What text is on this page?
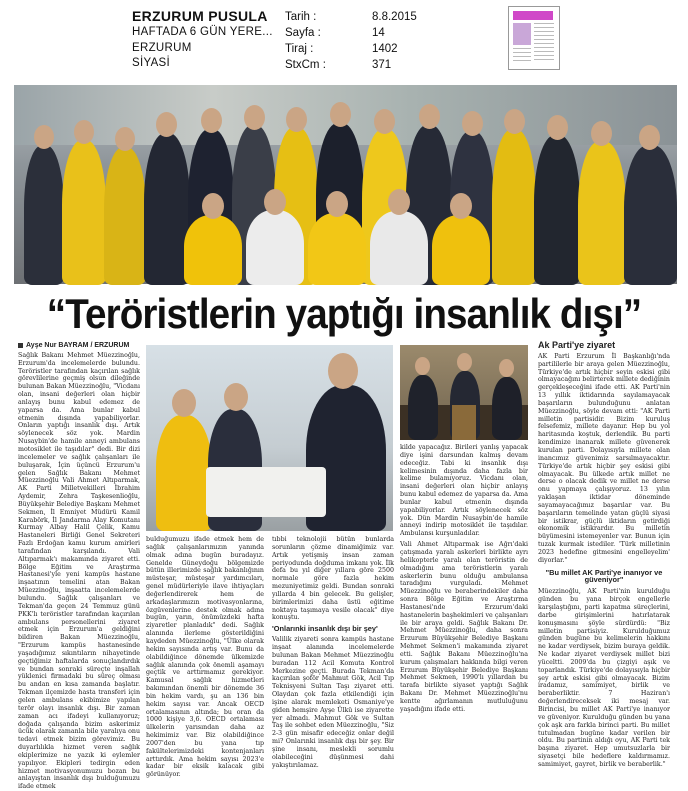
ERZURUM PUSULA
HAFTADA 6 GÜN YERE...
ERZURUM
SİYASİ
Tarih :	8.8.2015
Sayfa :	14
Tiraj :	1402
StxCm :	371
“Teröristlerin yaptığı insanlık dışı”
Ayşe Nur BAYRAM / ERZURUM

Sağlık Bakanı Mehmet Müezzinoğlu, Erzurum'da incelemelerde bulundu. Teröristler tarafından kaçırılan sağlık görevlilerine geçmiş olsun dileğinde bulunan Bakan Müezzinoğlu, "Vicdanı olan, insani değerleri olan hiçbir anlayış bunu kabul edemez de yaparsa da. Ama bunlar kabul etmenin dışında yapabiliyorlar. Onların yaptığı insanlık dışı. Artık söylenecek söz yok. Mardin Nusaybin'de hamile anneyi ambulans motosiklet ile taşıdılar" dedi. Bir dizi incelemeler ve sağlık çalışanları ile buluşarak, İçin üçüncü Erzurum'u gelen Sağlık Bakanı Mehmet Müezzinoğlu Vali Ahmet Altıparmak, AK Parti Milletvekilleri İbrahim Aydemir, Zehra Taşkesenlioğlu, Büyükşehir Belediye Başkanı Mehmet Sekmen, İl Emniyet Müdürü Kamil Karabörk, İl Jandarma Alay Komutanı Kurmay Albay Halil Çelik, Kamu Hastaneleri Birliği Genel Sekreteri Fazlı Erdoğan kamu kurum amirleri tarafından karşılandı. Vali Altıparmak'ı makamında ziyaret etti. Bölge Eğitim ve Araştırma Hastanesi'yle yeni kampüs hastane inşaatının temelini atan Bakan Müezzinoğlu, inşaatta incelemelerde bulundu. Sağlık çalışanları ve Tekman'da geçen 24 Temmuz günü PKK'lı teröristler tarafından kaçırılan ambulans personellerini ziyaret etmek için Erzurum'a geldiğini bildiren Bakan Müezzinoğlu, "Erzurum kampüs hastanesinde yaşadığımız sıkıntıların nihayetinde geçtiğimiz haftalarda sonuçlandırdık ve bundan sonraki süreçte inşallah yüklenici firmadaki bu süreç olması bu andan en kısa zamanda başlatır. Tekman ilçemizde hasta transferi için gelen ambulans ekibimize yapılan terör olayı insanlık dışı. Bir zaman zaman acı ifadeyi kullanıyoruz; doğada çalışanda bizim askerimiz ücük olarak zamanla bile yaralıya onu tedavi etmek bizim görevimiz. Bu duyarlılıkla hizmet veren sağlık ekiplerimize ne yazık ki eylemler yapılıyor. Ekipleri tedirgin eden hizmet motivasyonumuzu bozan bu anlayıştan insanlık dışı bulduğumuzu ifade etmek

bulduğumuzu ifade etmek hem de sağlık çalışanlarımızın yanında olmak adına bugün buradayız. Genelde Güneydoğu bölgemizde bütün illerimizde sağlık bakanlığının müsteşar, müsteşar yardımcıları, genel müdürleriyle ilave ihtiyaçları değerlendirerek hem de arkadaşlarımızın motivasyonlarına, özgüvenlerine destek olmak adına bugün, yarın, önümüzdeki hafta ziyaretler planladık" dedi. Sağlık alanında ilerleme gösterildiğini kaydeden Müezzinoğlu, "Ülke olarak hekim sayısında artış var. Bunu da olabildiğince dönemde ülkemizde sağlık alanında çok önemli aşamayı geçtik ve arttırmamız gerekiyor. Kamusal sağlık hizmetleri bakımından önemli bir dönemde 36 bin hekim vardı, şu an 136 bin hekim sayısı var. Ancak OECD ortalamasının altında; bu oran da 1000 kişiye 3,6. OECD ortalaması ülkelerin yarısından daha az hekimimiz var. Biz olabildiğince 2007'den bu yana tıp fakültelerimizdeki kontenjanları arttırdık. Ama hekim sayısı 2023'e kadar bir eksik kalacak gibi görünüyor.

tıbbi teknolojii bütün bunlarda sorunların çözme dinamiğimiz var. Artık yetişmiş insan zaman periyodunda doğduma imkanı yok. İlk defa bu yıl diğer yıllara göre 2500 normale göre fazla hekim mezuniyetimiz geldi. Bundan sonraki yıllarda 4 bin gelecek. Bu gelişler, birimlerimizi daha üstü eğitime noktaya taşımaya vesile olacak" diye konuştu.

'Onlarınki insanlık dışı bir şey'

Valilik ziyareti sonra kampüs hastane inşaat alanında incelemelerde bulunan Bakan Mehmet Müezzinoğlu buradan 112 Acil Komuta Kontrol Merkezine geçti. Burada Tekman'da kaçırılan şoför Mahmut Gök, Acil Tıp Teknisyeni Sultan Taşı ziyaret etti. Olaydan çok fazla etkilendiği için işine alarak memleketi Osmaniye'ye giden hemşire Ayşe Ülkü ise ziyarette yer almadı. Mahmut Gök ve Sultan Taş ile sohbet eden Müezzinoğlu, "Siz 2-3 gün misafir edeceğiz onlar değil mi? Onlarınki insanlık dışı bir şey. Bir şine insanı, meslekli sorumlu olabileceğini düşünmesi dahi yakıştırılamaz.

kilde yapacağız. Birileri yanlış yapacak diye işini darsundan kalmış devam edeceğiz. Tabi ki insanlık dışı kelimesinin dışında daha fazla bir kelime bulamıyoruz. Vicdanı olan, insani değerleri olan hiçbir anlayış bunu kabul edemez de yaparsa da. Ama bunlar kabul etmenin dışında yapabiliyorlar. Artık söylenecek söz yok. Dün Mardin Nusaybin'de hamile anneyi indirip motosiklet ile taşıdılar. Ambulansı kurşunladılar.

Vali Ahmet Altıparmak ise Ağrı'daki çatışmada yaralı askerleri birlikte ayrı helikopterle yaralı olan teröristin de olmadığını ama teröristlerin yaralı askerlerin bunu olduğu ambulansa taradığını vurguladı. Mehmet Müezzinoğlu ve beraberindekiler daha sonra Bölge Eğitim ve Araştırma Hastanesi'nde Erzurum'daki hastanelerin başhekimleri ve çalışanları ile bir araya geldi. Sağlık Bakanı Dr. Mehmet Müezzinoğlu, daha sonra Erzurum Büyükşehir Belediye Başkanı Mehmet Sekmen'i makamında ziyaret etti. Sağlık Bakanı Müezzinoğlu'na kurum çalışmaları hakkında bilgi veren Erzurum Büyükşehir Belediye Başkanı Mehmet Sekmen, 1990'lı yıllardan bu tarafa birlikte siyaset yaptığı Sağlık Bakanı Dr. Mehmet Müezzinoğlu'nu kentte ağırlamanın mutluluğunu yaşadığını ifade etti.

Ak Parti'ye ziyaret

AK Parti Erzurum İl Başkanlığı'nda partililerle bir araya gelen Müezzinoğlu, Türkiye'de artık hiçbir seyin eskisi gibi olmayacağını belirterek millete dediğinin gerçekleşeceğini ifade etti. AK Parti'nin 13 yıllık iktidarında sayılamayacak başarıların bulunduğunu anlatan Müezzinoğlu, söyle devam etti: "AK Parti milletin partisidir. Bizim kuruluş felsefemiz, millete dayanır. Hep bu yol haritasında koştuk, derlendik. Bu parti kendimize inanarak millete güvenerek kurulan parti. Dolayısıyla millete olan inancımız güvenimiz sarsılmayacaktır. Türkiye'de artık hiçbir şey eskisi gibi olmayacak. Bu ülkede artık millet ne derse o olacak dedik ve millet ne derse onu yapmaya çalışıyoruz. 13 yılın yaklaşan iktidar döneminde sayamayacağımız başarılar var. Bu başarıların temelinde yatan güçlü siyasi bir istikrar, güçlü iktidarın getirdiği ekonomik istikrardır. Bu milletin büyümesini istemeyenler var. Bunun için tuzak kurmak istediler. 'Türk milletinin 2023 hedefine gitmesini engelleyelim' diyorlar."

"Bu millet AK Parti'ye inanıyor ve güveniyor"

Müezzinoğlu, AK Parti'nin kurulduğu günden bu yana birçok engellerle karşılaştığını, parti kapatma süreçlerini, darbe girişimlerini hatırlatarak konuşmasını şöyle sürdürdü: "Biz milletin partisiyiz. Kurulduğumuz günden bugüne bu kelimelerin hakkını ne kadar verdiysek, bizim buraya geldik. Ne kadar ziyaret verdiysek millet bizi yüceltti. 2009'da bu çizgiyi aşık ve toparlandık. Türkiye'de dolayısıyla hiçbir şey artık eskisi gibi olmayacak. Bizim iradamız, samimiyet, birlik ve beraberliktir. 7 Haziran'ı değerlendireceksek iki mesaj var. Birincisi, bu millet AK Parti'ye inanıyor ve güveniyor. Kurulduğu günden bu yana çok aşk ara farkla birinci parti. Bu millet tutulmadan bugüne kadar verilen bir oldu. Bu partinin aldığı oyu, AK Parti tek başına ziyaret. Hep umutsuzlarla bir siyasetçi bile hedeflere kaldırmamız. samimiyet, gayret, birlik ve beraberlik."
